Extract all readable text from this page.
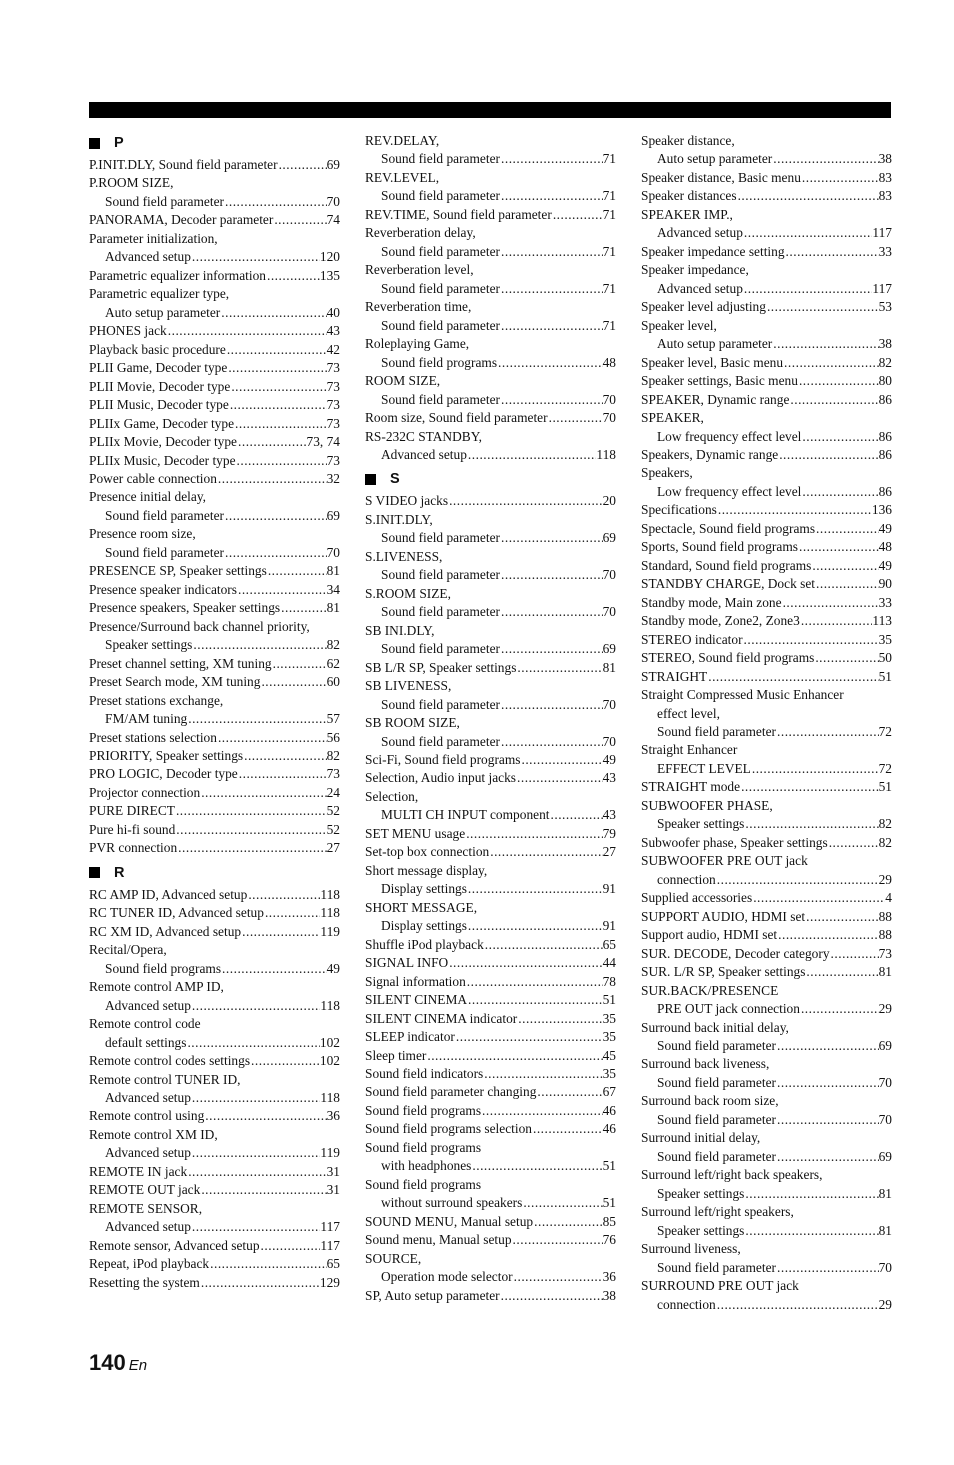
P
P.INIT.DLY, Sound field parameter .....	69
P.ROOM SIZE,
Sound field parameter .....	70
PANORAMA, Decoder parameter .....	74
Parameter initialization,
Advanced setup .....	120
Parametric equalizer information .....	135
Parametric equalizer type,
Auto setup parameter .....	40
PHONES jack .....	43
Playback basic procedure .....	42
PLII Game, Decoder type .....	73
PLII Movie, Decoder type .....	73
PLII Music, Decoder type .....	73
PLIIx Game, Decoder type .....	73
PLIIx Movie, Decoder type .....	73, 74
PLIIx Music, Decoder type .....	73
Power cable connection .....	32
Presence initial delay,
Sound field parameter .....	69
Presence room size,
Sound field parameter .....	70
PRESENCE SP, Speaker settings .....	81
Presence speaker indicators .....	34
Presence speakers, Speaker settings .....	81
Presence/Surround back channel priority,
Speaker settings .....	82
Preset channel setting, XM tuning .....	62
Preset Search mode, XM tuning .....	60
Preset stations exchange,
FM/AM tuning .....	57
Preset stations selection .....	56
PRIORITY, Speaker settings .....	82
PRO LOGIC, Decoder type .....	73
Projector connection .....	24
PURE DIRECT .....	52
Pure hi-fi sound .....	52
PVR connection .....	27
R
RC AMP ID, Advanced setup .....	118
RC TUNER ID, Advanced setup .....	118
RC XM ID, Advanced setup .....	119
Recital/Opera,
Sound field programs .....	49
Remote control AMP ID,
Advanced setup .....	118
Remote control code
default settings .....	102
Remote control codes settings .....	102
Remote control TUNER ID,
Advanced setup .....	118
Remote control using .....	36
Remote control XM ID,
Advanced setup .....	119
REMOTE IN jack .....	31
REMOTE OUT jack .....	31
REMOTE SENSOR,
Advanced setup .....	117
Remote sensor, Advanced setup .....	117
Repeat, iPod playback .....	65
Resetting the system .....	129
REV.DELAY,
Sound field parameter .....	71
REV.LEVEL,
Sound field parameter .....	71
REV.TIME, Sound field parameter .....	71
Reverberation delay,
Sound field parameter .....	71
Reverberation level,
Sound field parameter .....	71
Reverberation time,
Sound field parameter .....	71
Roleplaying Game,
Sound field programs .....	48
ROOM SIZE,
Sound field parameter .....	70
Room size, Sound field parameter .....	70
RS-232C STANDBY,
Advanced setup .....	118
S
S VIDEO jacks .....	20
S.INIT.DLY,
Sound field parameter .....	69
S.LIVENESS,
Sound field parameter .....	70
S.ROOM SIZE,
Sound field parameter .....	70
SB INI.DLY,
Sound field parameter .....	69
SB L/R SP, Speaker settings .....	81
SB LIVENESS,
Sound field parameter .....	70
SB ROOM SIZE,
Sound field parameter .....	70
Sci-Fi, Sound field programs .....	49
Selection, Audio input jacks .....	43
Selection,
MULTI CH INPUT component .....	43
SET MENU usage .....	79
Set-top box connection .....	27
Short message display,
Display settings .....	91
SHORT MESSAGE,
Display settings .....	91
Shuffle iPod playback .....	65
SIGNAL INFO .....	44
Signal information .....	78
SILENT CINEMA .....	51
SILENT CINEMA indicator .....	35
SLEEP indicator .....	35
Sleep timer .....	45
Sound field indicators .....	35
Sound field parameter changing .....	67
Sound field programs .....	46
Sound field programs selection .....	46
Sound field programs
with headphones .....	51
Sound field programs
without surround speakers .....	51
SOUND MENU, Manual setup .....	85
Sound menu, Manual setup .....	76
SOURCE,
Operation mode selector .....	36
SP, Auto setup parameter .....	38
Speaker distance,
Auto setup parameter .....	38
Speaker distance, Basic menu .....	83
Speaker distances .....	83
SPEAKER IMP.,
Advanced setup .....	117
Speaker impedance setting .....	33
Speaker impedance,
Advanced setup .....	117
Speaker level adjusting .....	53
Speaker level,
Auto setup parameter .....	38
Speaker level, Basic menu .....	82
Speaker settings, Basic menu .....	80
SPEAKER, Dynamic range .....	86
SPEAKER,
Low frequency effect level .....	86
Speakers, Dynamic range .....	86
Speakers,
Low frequency effect level .....	86
Specifications .....	136
Spectacle, Sound field programs .....	49
Sports, Sound field programs .....	48
Standard, Sound field programs .....	49
STANDBY CHARGE, Dock set .....	90
Standby mode, Main zone .....	33
Standby mode, Zone2, Zone3 .....	113
STEREO indicator .....	35
STEREO, Sound field programs .....	50
STRAIGHT .....	51
Straight Compressed Music Enhancer
effect level,
Sound field parameter .....	72
Straight Enhancer
EFFECT LEVEL .....	72
STRAIGHT mode .....	51
SUBWOOFER PHASE,
Speaker settings .....	82
Subwoofer phase, Speaker settings .....	82
SUBWOOFER PRE OUT jack
connection .....	29
Supplied accessories .....	4
SUPPORT AUDIO, HDMI set .....	88
Support audio, HDMI set .....	88
SUR. DECODE, Decoder category .....	73
SUR. L/R SP, Speaker settings .....	81
SUR.BACK/PRESENCE
PRE OUT jack connection .....	29
Surround back initial delay,
Sound field parameter .....	69
Surround back liveness,
Sound field parameter .....	70
Surround back room size,
Sound field parameter .....	70
Surround initial delay,
Sound field parameter .....	69
Surround left/right back speakers,
Speaker settings .....	81
Surround left/right speakers,
Speaker settings .....	81
Surround liveness,
Sound field parameter .....	70
SURROUND PRE OUT jack
connection .....	29
140 En
